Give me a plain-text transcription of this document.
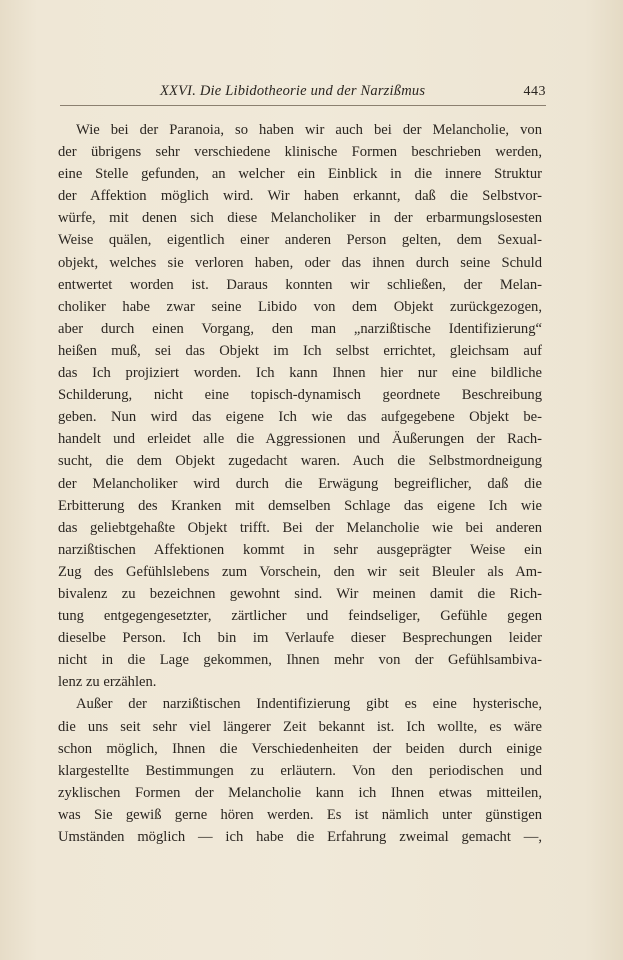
XXVI. Die Libidotheorie und der Narzißmus	443
Wie bei der Paranoia, so haben wir auch bei der Melancholie, von
der übrigens sehr verschiedene klinische Formen beschrieben werden,
eine Stelle gefunden, an welcher ein Einblick in die innere Struktur
der Affektion möglich wird. Wir haben erkannt, daß die Selbstvor-
würfe, mit denen sich diese Melancholiker in der erbarmungslosesten
Weise quälen, eigentlich einer anderen Person gelten, dem Sexual-
objekt, welches sie verloren haben, oder das ihnen durch seine Schuld
entwertet worden ist. Daraus konnten wir schließen, der Melan-
choliker habe zwar seine Libido von dem Objekt zurückgezogen,
aber durch einen Vorgang, den man „narzißtische Identifizierung“
heißen muß, sei das Objekt im Ich selbst errichtet, gleichsam auf
das Ich projiziert worden. Ich kann Ihnen hier nur eine bildliche
Schilderung, nicht eine topisch-dynamisch geordnete Beschreibung
geben. Nun wird das eigene Ich wie das aufgegebene Objekt be-
handelt und erleidet alle die Aggressionen und Äußerungen der Rach-
sucht, die dem Objekt zugedacht waren. Auch die Selbstmordneigung
der Melancholiker wird durch die Erwägung begreiflicher, daß die
Erbitterung des Kranken mit demselben Schlage das eigene Ich wie
das geliebtgehaßte Objekt trifft. Bei der Melancholie wie bei anderen
narzißtischen Affektionen kommt in sehr ausgeprägter Weise ein
Zug des Gefühlslebens zum Vorschein, den wir seit Bleuler als Am-
bivalenz zu bezeichnen gewohnt sind. Wir meinen damit die Rich-
tung entgegengesetzter, zärtlicher und feindseliger, Gefühle gegen
dieselbe Person. Ich bin im Verlaufe dieser Besprechungen leider
nicht in die Lage gekommen, Ihnen mehr von der Gefühlsambiva-
lenz zu erzählen.
Außer der narzißtischen Indentifizierung gibt es eine hysterische,
die uns seit sehr viel längerer Zeit bekannt ist. Ich wollte, es wäre
schon möglich, Ihnen die Verschiedenheiten der beiden durch einige
klargestellte Bestimmungen zu erläutern. Von den periodischen und
zyklischen Formen der Melancholie kann ich Ihnen etwas mitteilen,
was Sie gewiß gerne hören werden. Es ist nämlich unter günstigen
Umständen möglich — ich habe die Erfahrung zweimal gemacht —,
